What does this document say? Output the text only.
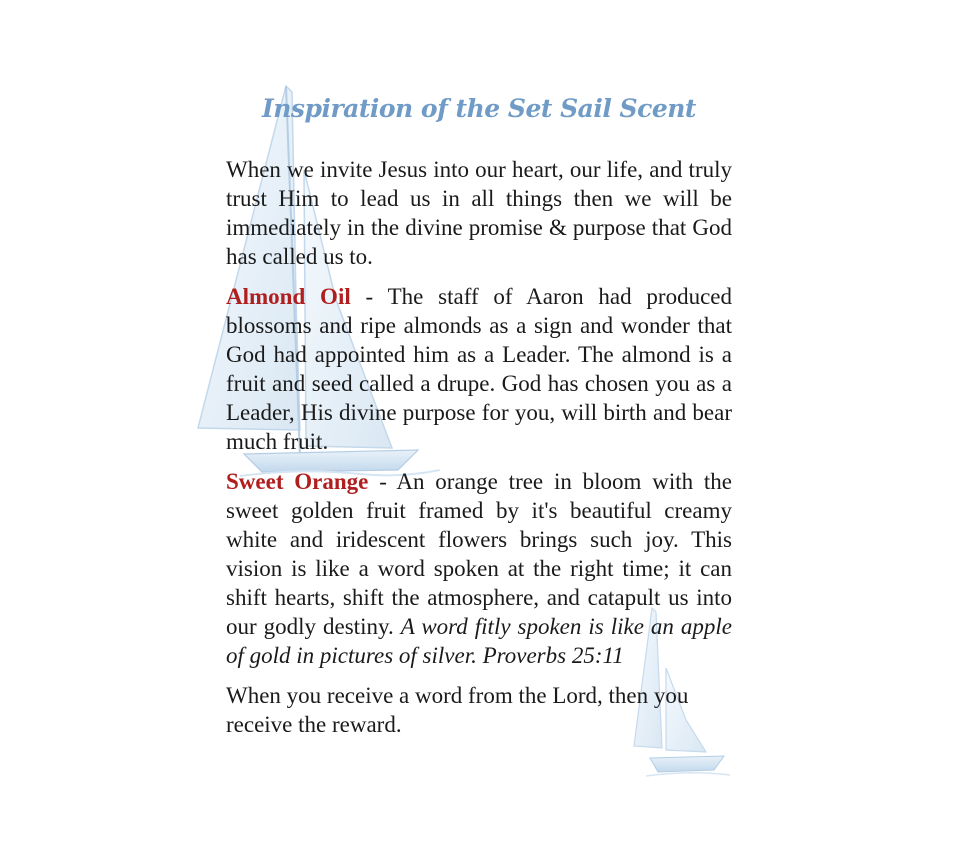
Inspiration of the Set Sail Scent

When we invite Jesus into our heart, our life, and truly trust Him to lead us in all things then we will be immediately in the divine promise & purpose that God has called us to.

Almond Oil - The staff of Aaron had produced blossoms and ripe almonds as a sign and wonder that God had appointed him as a Leader. The almond is a fruit and seed called a drupe. God has chosen you as a Leader, His divine purpose for you, will birth and bear much fruit.

Sweet Orange - An orange tree in bloom with the sweet golden fruit framed by it's beautiful creamy white and iridescent flowers brings such joy. This vision is like a word spoken at the right time; it can shift hearts, shift the atmosphere, and catapult us into our godly destiny. A word fitly spoken is like an apple of gold in pictures of silver. Proverbs 25:11

When you receive a word from the Lord, then you receive the reward.
